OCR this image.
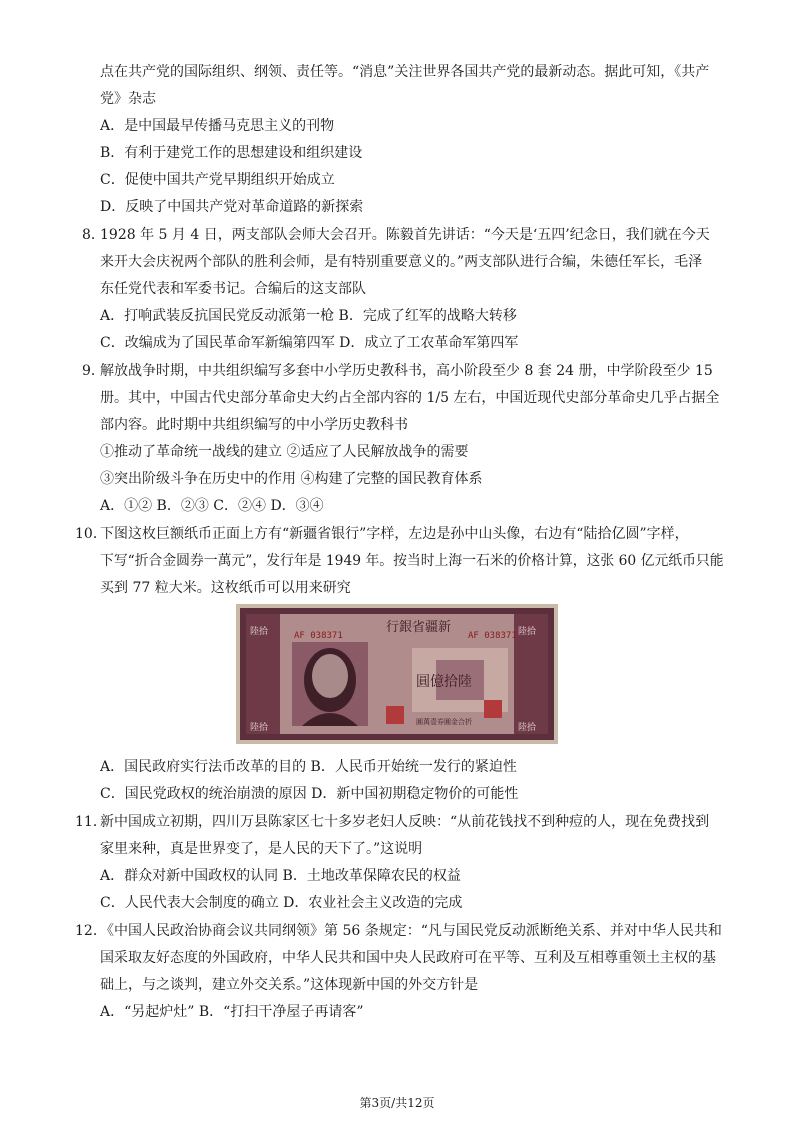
点在共产党的国际组织、纲领、责任等。“消息”关注世界各国共产党的最新动态。据此可知，《共产
党》杂志
A．是中国最早传播马克思主义的刊物
B．有利于建党工作的思想建设和组织建设
C．促使中国共产党早期组织开始成立
D．反映了中国共产党对革命道路的新探索
8．
1928 年 5 月 4 日，两支部队会师大会召开。陈毅首先讲话：“今天是‘五四’纪念日，我们就在今天
来开大会庆祝两个部队的胜利会师，是有特别重要意义的。”两支部队进行合编，朱德任军长，毛泽
东任党代表和军委书记。合编后的这支部队
A．打响武装反抗国民党反动派第一枪 B．完成了红军的战略大转移
C．改编成为了国民革命军新编第四军 D．成立了工农革命军第四军
9．
解放战争时期，中共组织编写多套中小学历史教科书，高小阶段至少 8 套 24 册，中学阶段至少 15
册。其中，中国古代史部分革命史大约占全部内容的 1/5 左右，中国近现代史部分革命史几乎占据全
部内容。此时期中共组织编写的中小学历史教科书
①推动了革命统一战线的建立 ②适应了人民解放战争的需要
③突出阶级斗争在历史中的作用 ④构建了完整的国民教育体系
A．①② B．②③ C．②④ D．③④
10．
下图这枚巨额纸币正面上方有“新疆省银行”字样，左边是孙中山头像，右边有“陆拾亿圆”字样，
下写“折合金圆券一萬元”，发行年是 1949 年。按当时上海一石米的价格计算，这张 60 亿元纸币只能
买到 77 粒大米。这枚纸币可以用来研究
行銀省疆新
AF 038371	AF 038371
圓億拾陸
陸拾	陸拾
陸拾	陸拾
圓萬壹券圓金合折
A．国民政府实行法币改革的目的 B．人民币开始统一发行的紧迫性
C．国民党政权的统治崩溃的原因 D．新中国初期稳定物价的可能性
11．
新中国成立初期，四川万县陈家区七十多岁老妇人反映：“从前花钱找不到种痘的人，现在免费找到
家里来种，真是世界变了，是人民的天下了。”这说明
A．群众对新中国政权的认同 B．土地改革保障农民的权益
C．人民代表大会制度的确立 D．农业社会主义改造的完成
12．
《中国人民政治协商会议共同纲领》第 56 条规定：“凡与国民党反动派断绝关系、并对中华人民共和
国采取友好态度的外国政府，中华人民共和国中央人民政府可在平等、互利及互相尊重领土主权的基
础上，与之谈判，建立外交关系。”这体现新中国的外交方针是
A．“另起炉灶” B．“打扫干净屋子再请客”
第3页/共12页
